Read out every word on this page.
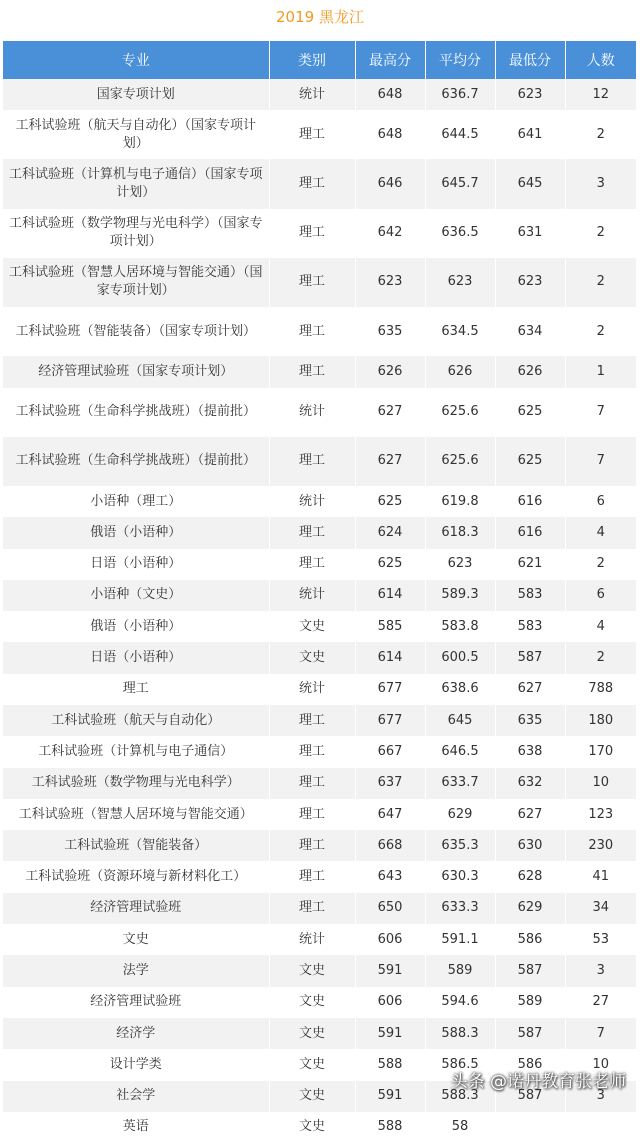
2019 黑龙江
专业	类别	最高分	平均分	最低分	人数
国家专项计划	统计	648	636.7	623	12
工科试验班（航天与自动化）（国家专项计划）	理工	648	644.5	641	2
工科试验班（计算机与电子通信）（国家专项计划）	理工	646	645.7	645	3
工科试验班（数学物理与光电科学）（国家专项计划）	理工	642	636.5	631	2
工科试验班（智慧人居环境与智能交通）（国家专项计划）	理工	623	623	623	2
工科试验班（智能装备）（国家专项计划）	理工	635	634.5	634	2
经济管理试验班（国家专项计划）	理工	626	626	626	1
工科试验班（生命科学挑战班）（提前批）	统计	627	625.6	625	7
工科试验班（生命科学挑战班）（提前批）	理工	627	625.6	625	7
小语种（理工）	统计	625	619.8	616	6
俄语（小语种）	理工	624	618.3	616	4
日语（小语种）	理工	625	623	621	2
小语种（文史）	统计	614	589.3	583	6
俄语（小语种）	文史	585	583.8	583	4
日语（小语种）	文史	614	600.5	587	2
理工	统计	677	638.6	627	788
工科试验班（航天与自动化）	理工	677	645	635	180
工科试验班（计算机与电子通信）	理工	667	646.5	638	170
工科试验班（数学物理与光电科学）	理工	637	633.7	632	10
工科试验班（智慧人居环境与智能交通）	理工	647	629	627	123
工科试验班（智能装备）	理工	668	635.3	630	230
工科试验班（资源环境与新材料化工）	理工	643	630.3	628	41
经济管理试验班	理工	650	633.3	629	34
文史	统计	606	591.1	586	53
法学	文史	591	589	587	3
经济管理试验班	文史	606	594.6	589	27
经济学	文史	591	588.3	587	7
设计学类	文史	588	586.5	586	10
社会学	文史	591	588.3	587	3
英语	文史	588	58		
头条 @诺丹教育张老师
